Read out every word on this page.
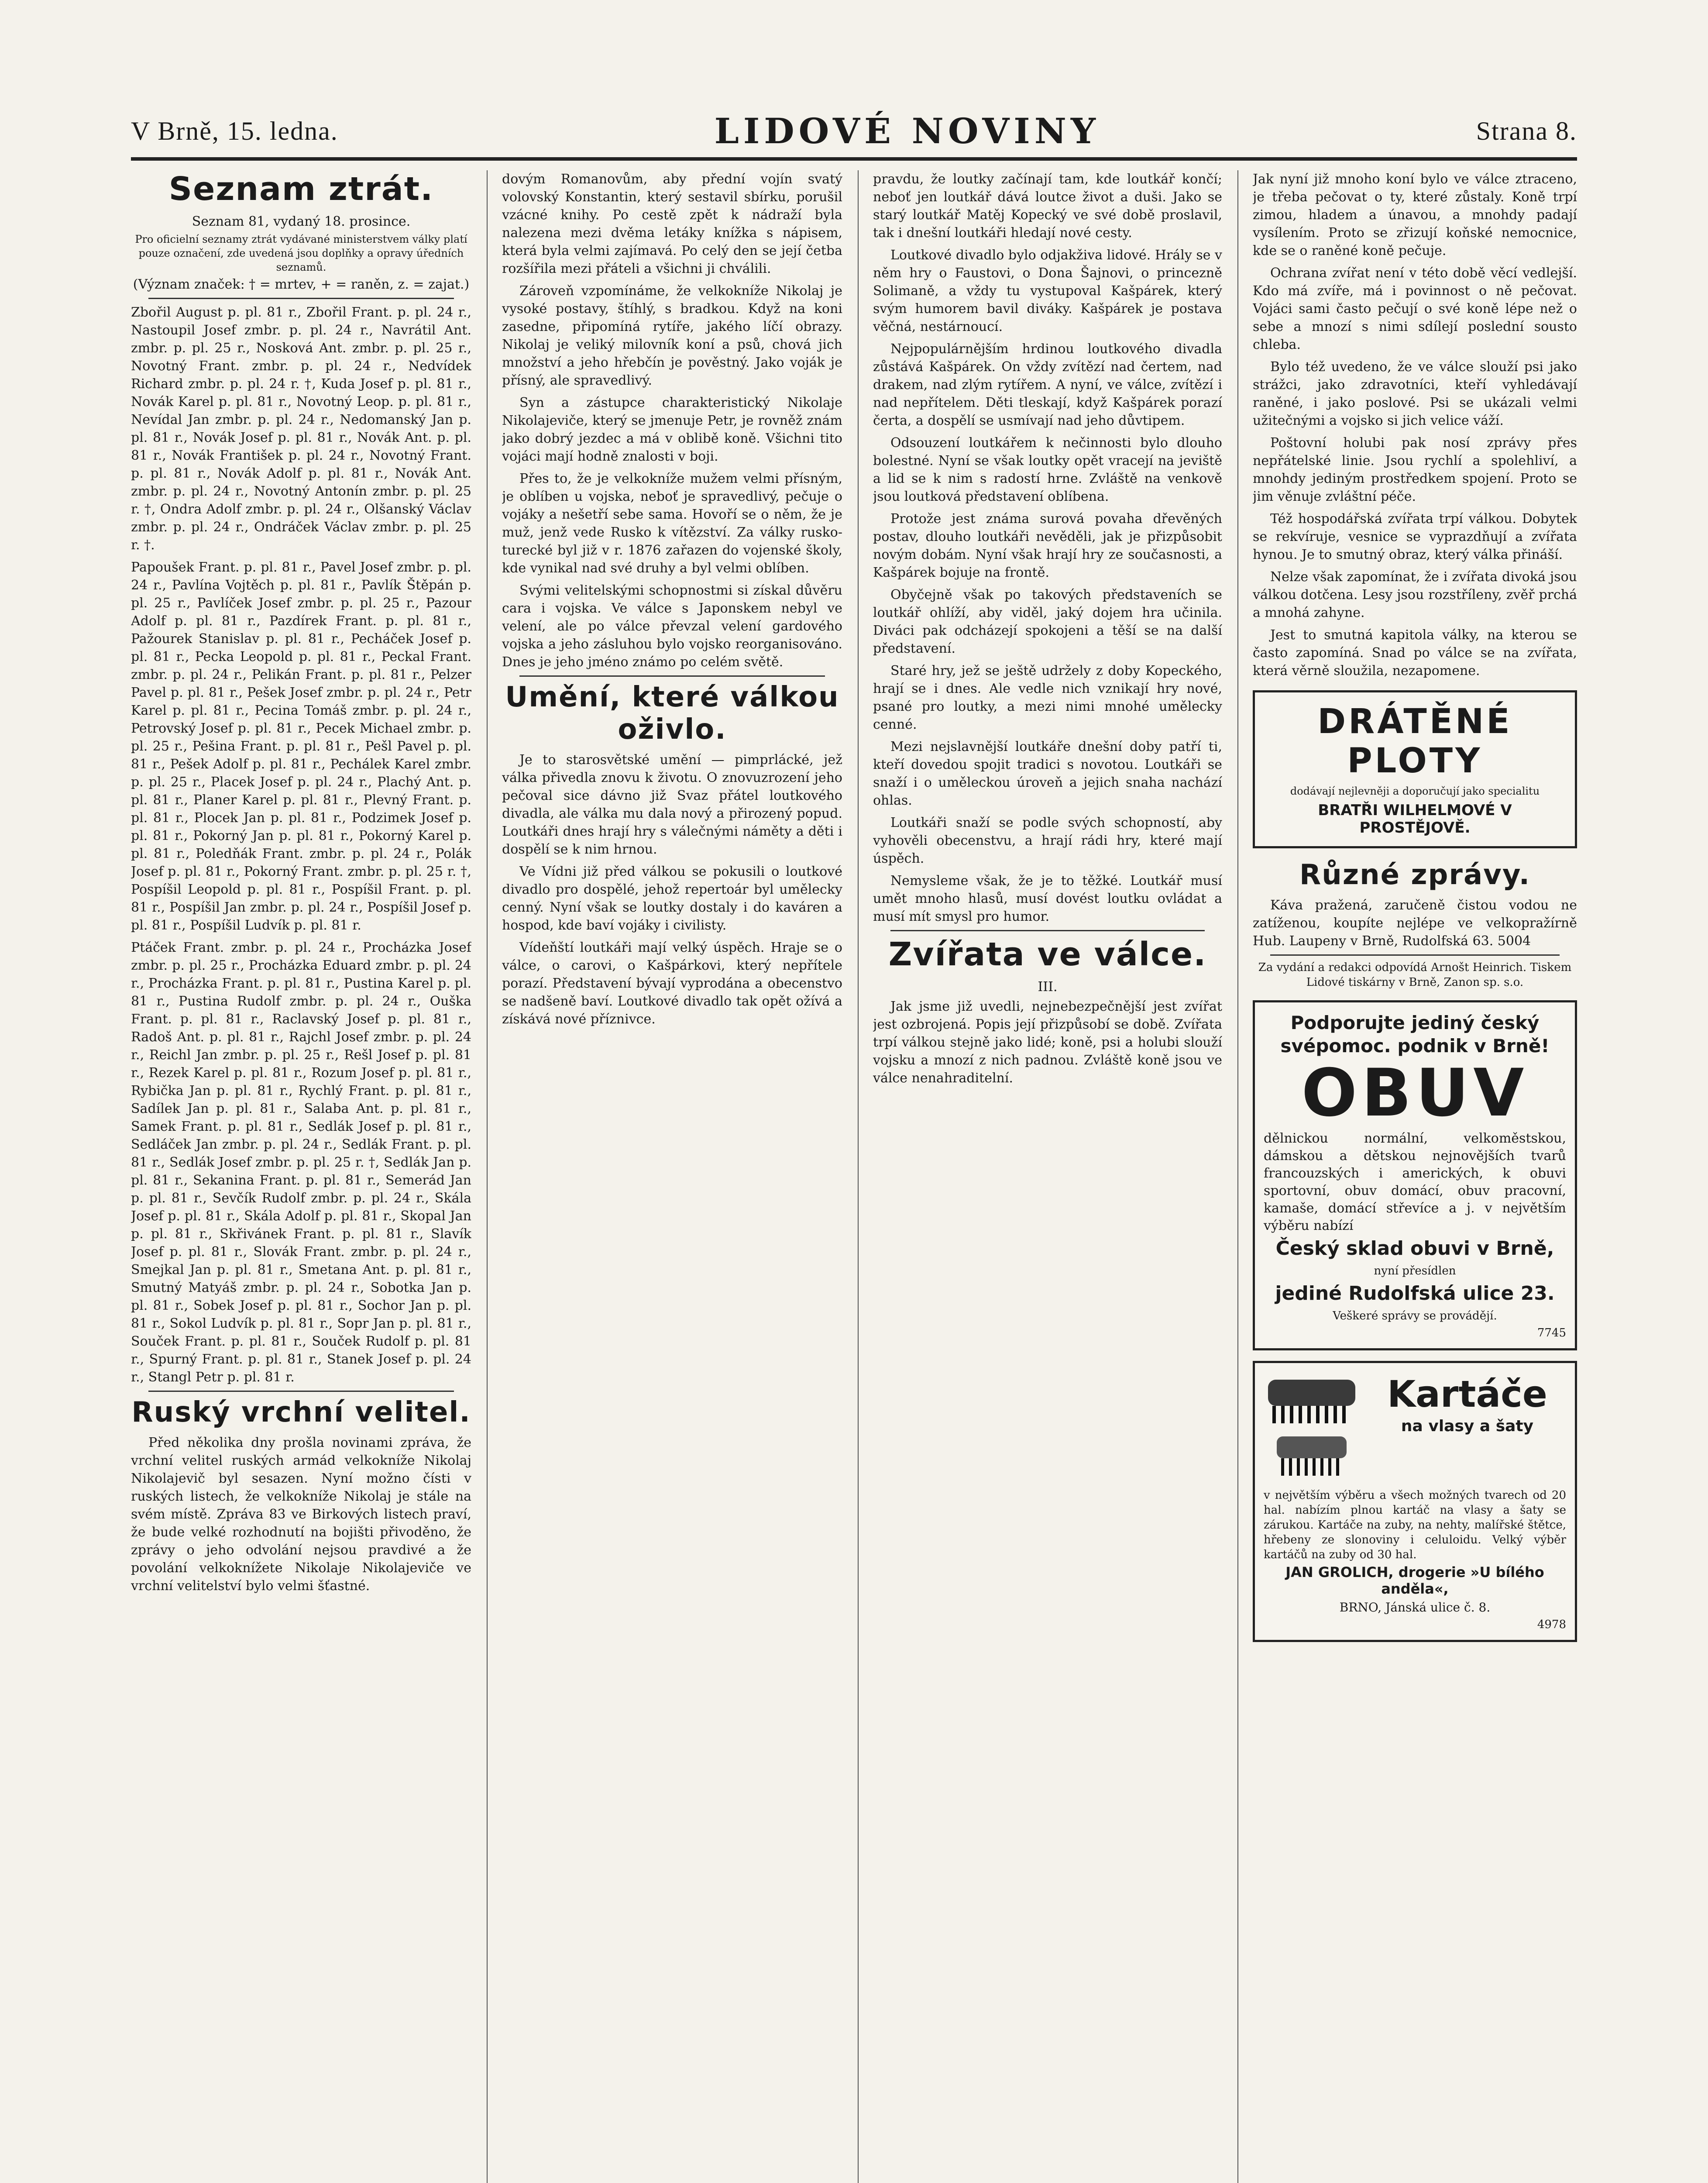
V Brně, 15. ledna.	LIDOVÉ NOVINY	Strana 8.
Seznam ztrát.
Seznam 81, vydaný 18. prosince.
Pro oficielní seznamy ztrát vydávané ministerstvem války platí pouze označení, zde uvedená jsou doplňky a opravy úředních seznamů.
(Význam značek: † = mrtev, + = raněn, z. = zajat.)

Zbořil August p. pl. 81 r., Zbořil Frant. p. pl. 24 r., Nastoupil Josef zmbr. p. pl. 24 r., Navrátil Ant. zmbr. p. pl. 25 r., Nosková Ant. zmbr. p. pl. 25 r., Novotný Frant. zmbr. p. pl. 24 r., Nedvídek Richard zmbr. p. pl. 24 r. †, Kuda Josef p. pl. 81 r., Novák Karel p. pl. 81 r., Novotný Leop. p. pl. 81 r., Nevídal Jan zmbr. p. pl. 24 r., Nedomanský Jan p. pl. 81 r., Novák Josef p. pl. 81 r., Novák Ant. p. pl. 81 r., Novák František p. pl. 24 r., Novotný Frant. p. pl. 81 r., Novák Adolf p. pl. 81 r., Novák Ant. zmbr. p. pl. 24 r., Novotný Antonín zmbr. p. pl. 25 r. †, Ondra Adolf zmbr. p. pl. 24 r., Olšanský Václav zmbr. p. pl. 24 r., Ondráček Václav zmbr. p. pl. 25 r. †.

Papoušek Frant. p. pl. 81 r., Pavel Josef zmbr. p. pl. 24 r., Pavlína Vojtěch p. pl. 81 r., Pavlík Štěpán p. pl. 25 r., Pavlíček Josef zmbr. p. pl. 25 r., Pazour Adolf p. pl. 81 r., Pazdírek Frant. p. pl. 81 r., Pažourek Stanislav p. pl. 81 r., Pecháček Josef p. pl. 81 r., Pecka Leopold p. pl. 81 r., Peckal Frant. zmbr. p. pl. 24 r., Pelikán Frant. p. pl. 81 r., Pelzer Pavel p. pl. 81 r., Pešek Josef zmbr. p. pl. 24 r., Petr Karel p. pl. 81 r., Pecina Tomáš zmbr. p. pl. 24 r., Petrovský Josef p. pl. 81 r., Pecek Michael zmbr. p. pl. 25 r., Pešina Frant. p. pl. 81 r., Pešl Pavel p. pl. 81 r., Pešek Adolf p. pl. 81 r., Pechálek Karel zmbr. p. pl. 25 r., Placek Josef p. pl. 24 r., Plachý Ant. p. pl. 81 r., Planer Karel p. pl. 81 r., Plevný Frant. p. pl. 81 r., Plocek Jan p. pl. 81 r., Podzimek Josef p. pl. 81 r., Pokorný Jan p. pl. 81 r., Pokorný Karel p. pl. 81 r., Poledňák Frant. zmbr. p. pl. 24 r., Polák Josef p. pl. 81 r., Pokorný Frant. zmbr. p. pl. 25 r. †, Pospíšil Leopold p. pl. 81 r., Pospíšil Frant. p. pl. 81 r., Pospíšil Jan zmbr. p. pl. 24 r., Pospíšil Josef p. pl. 81 r., Pospíšil Ludvík p. pl. 81 r.

Ptáček Frant. zmbr. p. pl. 24 r., Procházka Josef zmbr. p. pl. 25 r., Procházka Eduard zmbr. p. pl. 24 r., Procházka Frant. p. pl. 81 r., Pustina Karel p. pl. 81 r., Pustina Rudolf zmbr. p. pl. 24 r., Ouška Frant. p. pl. 81 r., Raclavský Josef p. pl. 81 r., Radoš Ant. p. pl. 81 r., Rajchl Josef zmbr. p. pl. 24 r., Reichl Jan zmbr. p. pl. 25 r., Rešl Josef p. pl. 81 r., Rezek Karel p. pl. 81 r., Rozum Josef p. pl. 81 r., Rybička Jan p. pl. 81 r., Rychlý Frant. p. pl. 81 r., Sadílek Jan p. pl. 81 r., Salaba Ant. p. pl. 81 r., Samek Frant. p. pl. 81 r., Sedlák Josef p. pl. 81 r., Sedláček Jan zmbr. p. pl. 24 r., Sedlák Frant. p. pl. 81 r., Sedlák Josef zmbr. p. pl. 25 r. †, Sedlák Jan p. pl. 81 r., Sekanina Frant. p. pl. 81 r., Semerád Jan p. pl. 81 r., Sevčík Rudolf zmbr. p. pl. 24 r., Skála Josef p. pl. 81 r., Skála Adolf p. pl. 81 r., Skopal Jan p. pl. 81 r., Skřivánek Frant. p. pl. 81 r., Slavík Josef p. pl. 81 r., Slovák Frant. zmbr. p. pl. 24 r., Smejkal Jan p. pl. 81 r., Smetana Ant. p. pl. 81 r., Smutný Matyáš zmbr. p. pl. 24 r., Sobotka Jan p. pl. 81 r., Sobek Josef p. pl. 81 r., Sochor Jan p. pl. 81 r., Sokol Ludvík p. pl. 81 r., Sopr Jan p. pl. 81 r., Souček Frant. p. pl. 81 r., Souček Rudolf p. pl. 81 r., Spurný Frant. p. pl. 81 r., Stanek Josef p. pl. 24 r., Stangl Petr p. pl. 81 r.

Ruský vrchní velitel.

Před několika dny prošla novinami zpráva, že vrchní velitel ruských armád velkokníže Nikolaj Nikolajevič byl sesazen. Nyní možno čísti v ruských listech, že velkokníže Nikolaj je stále na svém místě. Zpráva 83 ve Birkových listech praví, že bude velké rozhodnutí na bojišti přivoděno, že zprávy o jeho odvolání nejsou pravdivé a že povolání velkoknížete Nikolaje Nikolajeviče ve vrchní velitelství bylo velmi šťastné.

dovým Romanovům, aby přední vojín svatý volovský Konstantin, který sestavil sbírku, porušil vzácné knihy. Po cestě zpět k nádraží byla nalezena mezi dvěma letáky knížka s nápisem, která byla velmi zajímavá. Po celý den se její četba rozšířila mezi přáteli a všichni ji chválili.

Zároveň vzpomínáme, že velkokníže Nikolaj je vysoké postavy, štíhlý, s bradkou. Když na koni zasedne, připomíná rytíře, jakého líčí obrazy. Nikolaj je veliký milovník koní a psů, chová jich množství a jeho hřebčín je pověstný. Jako voják je přísný, ale spravedlivý.

Syn a zástupce charakteristický Nikolaje Nikolajeviče, který se jmenuje Petr, je rovněž znám jako dobrý jezdec a má v oblibě koně. Všichni tito vojáci mají hodně znalosti v boji.

Přes to, že je velkokníže mužem velmi přísným, je oblíben u vojska, neboť je spravedlivý, pečuje o vojáky a nešetří sebe sama. Hovoří se o něm, že je muž, jenž vede Rusko k vítězství. Za války rusko-turecké byl již v r. 1876 zařazen do vojenské školy, kde vynikal nad své druhy a byl velmi oblíben.

Svými velitelskými schopnostmi si získal důvěru cara i vojska. Ve válce s Japonskem nebyl ve velení, ale po válce převzal velení gardového vojska a jeho zásluhou bylo vojsko reorganisováno. Dnes je jeho jméno známo po celém světě.

Umění, které válkou oživlo.

Je to starosvětské umění — pimprlácké, jež válka přivedla znovu k životu. O znovuzrození jeho pečoval sice dávno již Svaz přátel loutkového divadla, ale válka mu dala nový a přirozený popud. Loutkáři dnes hrají hry s válečnými náměty a děti i dospělí se k nim hrnou.

Ve Vídni již před válkou se pokusili o loutkové divadlo pro dospělé, jehož repertoár byl umělecky cenný. Nyní však se loutky dostaly i do kaváren a hospod, kde baví vojáky i civilisty.

Vídeňští loutkáři mají velký úspěch. Hraje se o válce, o carovi, o Kašpárkovi, který nepřítele porazí. Představení bývají vyprodána a obecenstvo se nadšeně baví. Loutkové divadlo tak opět ožívá a získává nové příznivce.

pravdu, že loutky začínají tam, kde loutkář končí; neboť jen loutkář dává loutce život a duši. Jako se starý loutkář Matěj Kopecký ve své době proslavil, tak i dnešní loutkáři hledají nové cesty.

Loutkové divadlo bylo odjakživa lidové. Hrály se v něm hry o Faustovi, o Dona Šajnovi, o princezně Solimaně, a vždy tu vystupoval Kašpárek, který svým humorem bavil diváky. Kašpárek je postava věčná, nestárnoucí.

Nejpopulárnějším hrdinou loutkového divadla zůstává Kašpárek. On vždy zvítězí nad čertem, nad drakem, nad zlým rytířem. A nyní, ve válce, zvítězí i nad nepřítelem. Děti tleskají, když Kašpárek porazí čerta, a dospělí se usmívají nad jeho důvtipem.

Odsouzení loutkářem k nečinnosti bylo dlouho bolestné. Nyní se však loutky opět vracejí na jeviště a lid se k nim s radostí hrne. Zvláště na venkově jsou loutková představení oblíbena.

Protože jest známa surová povaha dřevěných postav, dlouho loutkáři nevěděli, jak je přizpůsobit novým dobám. Nyní však hrají hry ze současnosti, a Kašpárek bojuje na frontě.

Obyčejně však po takových představeních se loutkář ohlíží, aby viděl, jaký dojem hra učinila. Diváci pak odcházejí spokojeni a těší se na další představení.

Staré hry, jež se ještě udržely z doby Kopeckého, hrají se i dnes. Ale vedle nich vznikají hry nové, psané pro loutky, a mezi nimi mnohé umělecky cenné.

Mezi nejslavnější loutkáře dnešní doby patří ti, kteří dovedou spojit tradici s novotou. Loutkáři se snaží i o uměleckou úroveň a jejich snaha nachází ohlas.

Loutkáři snaží se podle svých schopností, aby vyhověli obecenstvu, a hrají rádi hry, které mají úspěch.

Nemysleme však, že je to těžké. Loutkář musí umět mnoho hlasů, musí dovést loutku ovládat a musí mít smysl pro humor.

Zvířata ve válce.
III.

Jak jsme již uvedli, nejnebezpečnější jest zvířat jest ozbrojená. Popis její přizpůsobí se době. Zvířata trpí válkou stejně jako lidé; koně, psi a holubi slouží vojsku a mnozí z nich padnou. Zvláště koně jsou ve válce nenahraditelní.

Jak nyní již mnoho koní bylo ve válce ztraceno, je třeba pečovat o ty, které zůstaly. Koně trpí zimou, hladem a únavou, a mnohdy padají vysílením. Proto se zřizují koňské nemocnice, kde se o raněné koně pečuje.

Ochrana zvířat není v této době věcí vedlejší. Kdo má zvíře, má i povinnost o ně pečovat. Vojáci sami často pečují o své koně lépe než o sebe a mnozí s nimi sdílejí poslední sousto chleba.

Bylo též uvedeno, že ve válce slouží psi jako strážci, jako zdravotníci, kteří vyhledávají raněné, i jako poslové. Psi se ukázali velmi užitečnými a vojsko si jich velice váží.

Poštovní holubi pak nosí zprávy přes nepřátelské linie. Jsou rychlí a spolehliví, a mnohdy jediným prostředkem spojení. Proto se jim věnuje zvláštní péče.

Též hospodářská zvířata trpí válkou. Dobytek se rekvíruje, vesnice se vyprazdňují a zvířata hynou. Je to smutný obraz, který válka přináší.

Nelze však zapomínat, že i zvířata divoká jsou válkou dotčena. Lesy jsou rozstříleny, zvěř prchá a mnohá zahyne.

Jest to smutná kapitola války, na kterou se často zapomíná. Snad po válce se na zvířata, která věrně sloužila, nezapomene.

DRÁTĚNÉ PLOTY
dodávají nejlevněji a doporučují jako specialitu
BRATŘI WILHELMOVÉ V PROSTĚJOVĚ.
Různé zprávy.

Káva pražená, zaručeně čistou vodou ne zatíženou, koupíte nejlépe ve velkopražírně Hub. Laupeny v Brně, Rudolfská 63. 5004

Za vydání a redakci odpovídá Arnošt Heinrich. Tiskem Lidové tiskárny v Brně, Zanon sp. s.o.

Podporujte jediný český
svépomoc. podnik v Brně!
OBUV
dělnickou normální, velkoměstskou, dámskou a dětskou nejnovějších tvarů francouzských i amerických, k obuvi sportovní, obuv domácí, obuv pracovní, kamaše, domácí střevíce a j. v největším výběru nabízí
Český sklad obuvi v Brně,
nyní přesídlen
jediné Rudolfská ulice 23.
Veškeré správy se provádějí.
7745
Kartáče
na vlasy a šaty
v největším výběru a všech možných tvarech od 20 hal. nabízím plnou kartáč na vlasy a šaty se zárukou. Kartáče na zuby, na nehty, malířské štětce, hřebeny ze slonoviny i celuloidu. Velký výběr kartáčů na zuby od 30 hal.
JAN GROLICH, drogerie »U bílého anděla«,
BRNO, Jánská ulice č. 8.
4978
